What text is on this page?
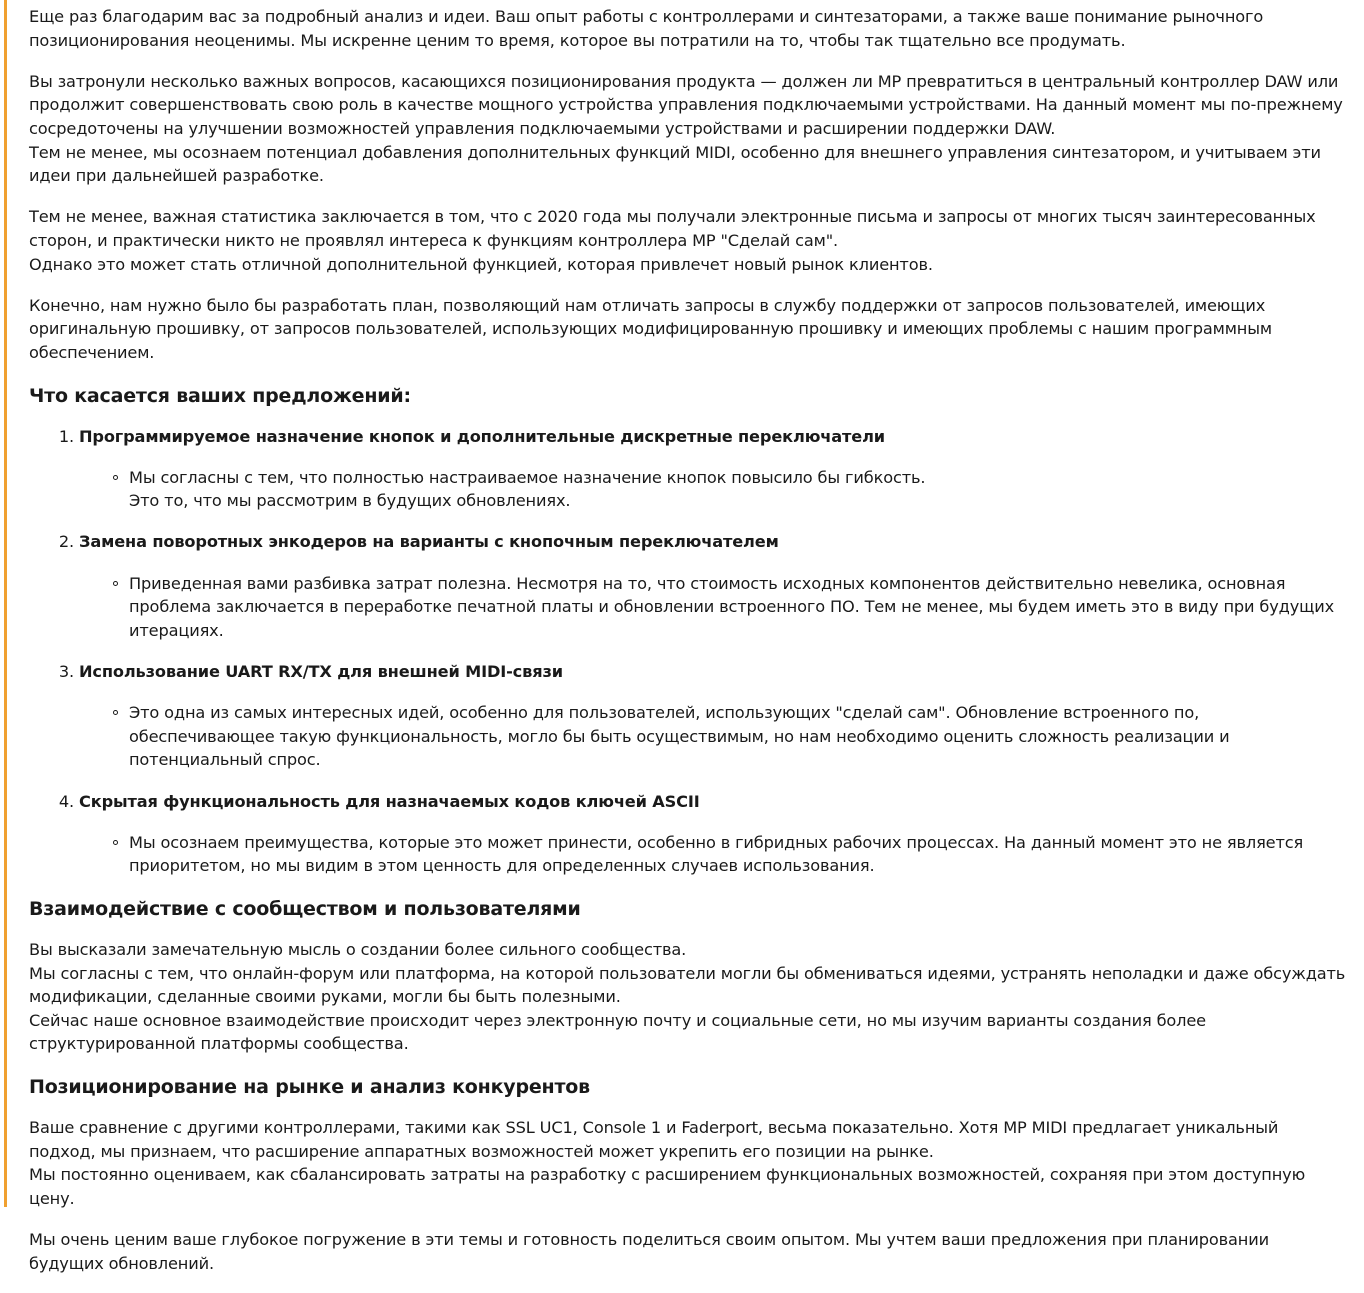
Еще раз благодарим вас за подробный анализ и идеи. Ваш опыт работы с контроллерами и синтезаторами, а также ваше понимание рыночного позиционирования неоценимы. Мы искренне ценим то время, которое вы потратили на то, чтобы так тщательно все продумать.

Вы затронули несколько важных вопросов, касающихся позиционирования продукта — должен ли MP превратиться в центральный контроллер DAW или продолжит совершенствовать свою роль в качестве мощного устройства управления подключаемыми устройствами. На данный момент мы по-прежнему сосредоточены на улучшении возможностей управления подключаемыми устройствами и расширении поддержки DAW.
Тем не менее, мы осознаем потенциал добавления дополнительных функций MIDI, особенно для внешнего управления синтезатором, и учитываем эти идеи при дальнейшей разработке.

Тем не менее, важная статистика заключается в том, что с 2020 года мы получали электронные письма и запросы от многих тысяч заинтересованных сторон, и практически никто не проявлял интереса к функциям контроллера MP "Сделай сам".
Однако это может стать отличной дополнительной функцией, которая привлечет новый рынок клиентов.

Конечно, нам нужно было бы разработать план, позволяющий нам отличать запросы в службу поддержки от запросов пользователей, имеющих оригинальную прошивку, от запросов пользователей, использующих модифицированную прошивку и имеющих проблемы с нашим программным обеспечением.

Что касается ваших предложений:
1. Программируемое назначение кнопок и дополнительные дискретные переключатели
Мы согласны с тем, что полностью настраиваемое назначение кнопок повысило бы гибкость.
Это то, что мы рассмотрим в будущих обновлениях.
2. Замена поворотных энкодеров на варианты с кнопочным переключателем
Приведенная вами разбивка затрат полезна. Несмотря на то, что стоимость исходных компонентов действительно невелика, основная проблема заключается в переработке печатной платы и обновлении встроенного ПО. Тем не менее, мы будем иметь это в виду при будущих итерациях.
3. Использование UART RX/TX для внешней MIDI-связи
Это одна из самых интересных идей, особенно для пользователей, использующих "сделай сам". Обновление встроенного по, обеспечивающее такую функциональность, могло бы быть осуществимым, но нам необходимо оценить сложность реализации и потенциальный спрос.
4. Скрытая функциональность для назначаемых кодов ключей ASCII
Мы осознаем преимущества, которые это может принести, особенно в гибридных рабочих процессах. На данный момент это не является приоритетом, но мы видим в этом ценность для определенных случаев использования.
Взаимодействие с сообществом и пользователями

Вы высказали замечательную мысль о создании более сильного сообщества.
Мы согласны с тем, что онлайн-форум или платформа, на которой пользователи могли бы обмениваться идеями, устранять неполадки и даже обсуждать модификации, сделанные своими руками, могли бы быть полезными.
Сейчас наше основное взаимодействие происходит через электронную почту и социальные сети, но мы изучим варианты создания более структурированной платформы сообщества.

Позиционирование на рынке и анализ конкурентов

Ваше сравнение с другими контроллерами, такими как SSL UC1, Console 1 и Faderport, весьма показательно. Хотя MP MIDI предлагает уникальный подход, мы признаем, что расширение аппаратных возможностей может укрепить его позиции на рынке.
Мы постоянно оцениваем, как сбалансировать затраты на разработку с расширением функциональных возможностей, сохраняя при этом доступную цену.

Мы очень ценим ваше глубокое погружение в эти темы и готовность поделиться своим опытом. Мы учтем ваши предложения при планировании будущих обновлений.
